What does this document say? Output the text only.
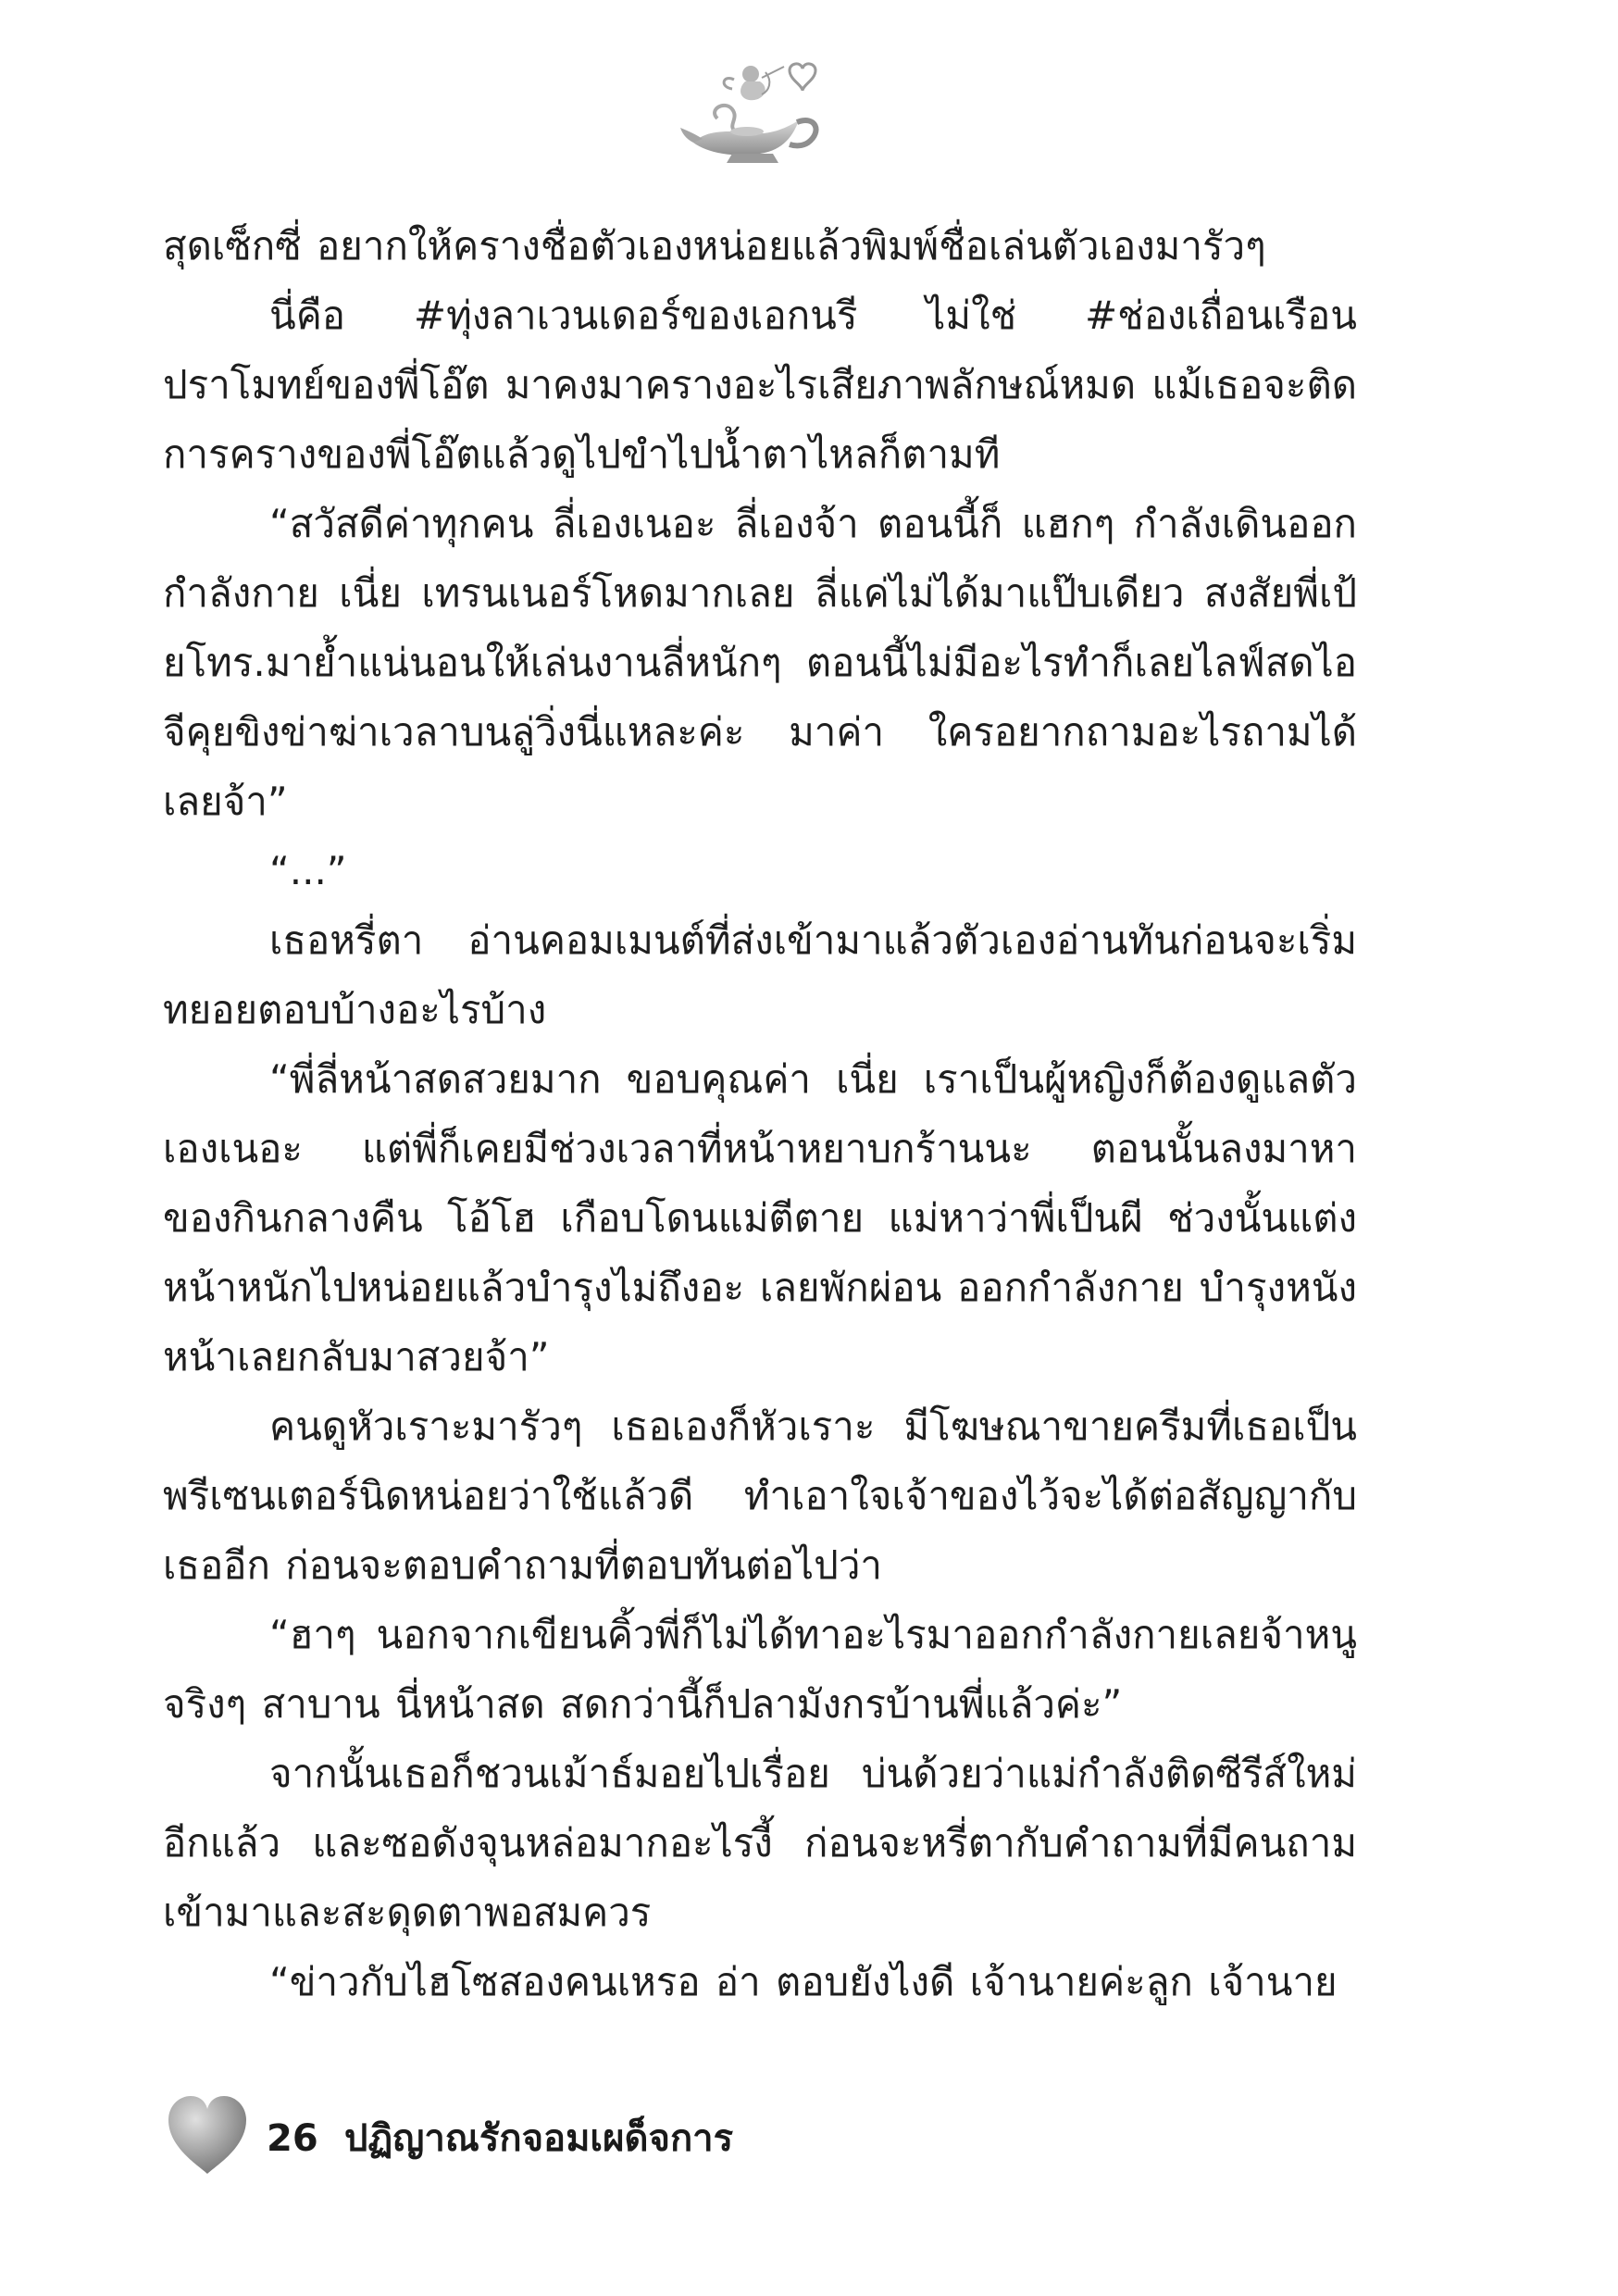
สุดเซ็กซี่ อยากให้ครางชื่อตัวเองหน่อยแล้วพิมพ์ชื่อเล่นตัวเองมารัวๆ

นี่คือ #ทุ่งลาเวนเดอร์ของเอกนรี ไม่ใช่ #ช่องเถื่อนเรือนปราโมทย์ของพี่โอ๊ต มาคงมาครางอะไรเสียภาพลักษณ์หมด แม้เธอจะติดการครางของพี่โอ๊ตแล้วดูไปขำไปน้ำตาไหลก็ตามที

“สวัสดีค่าทุกคน ลี่เองเนอะ ลี่เองจ้า ตอนนี้ก็ แฮกๆ กำลังเดินออกกำลังกาย เนี่ย เทรนเนอร์โหดมากเลย ลี่แค่ไม่ได้มาแป๊บเดียว สงสัยพี่เป้ยโทร.มาย้ำแน่นอนให้เล่นงานลี่หนักๆ ตอนนี้ไม่มีอะไรทำก็เลยไลฟ์สดไอจีคุยขิงข่าฆ่าเวลาบนลู่วิ่งนี่แหละค่ะ มาค่า ใครอยากถามอะไรถามได้เลยจ้า”

“...”

เธอหรี่ตา อ่านคอมเมนต์ที่ส่งเข้ามาแล้วตัวเองอ่านทันก่อนจะเริ่มทยอยตอบบ้างอะไรบ้าง

“พี่ลี่หน้าสดสวยมาก ขอบคุณค่า เนี่ย เราเป็นผู้หญิงก็ต้องดูแลตัวเองเนอะ แต่พี่ก็เคยมีช่วงเวลาที่หน้าหยาบกร้านนะ ตอนนั้นลงมาหาของกินกลางคืน โอ้โฮ เกือบโดนแม่ตีตาย แม่หาว่าพี่เป็นผี ช่วงนั้นแต่งหน้าหนักไปหน่อยแล้วบำรุงไม่ถึงอะ เลยพักผ่อน ออกกำลังกาย บำรุงหนังหน้าเลยกลับมาสวยจ้า”

คนดูหัวเราะมารัวๆ เธอเองก็หัวเราะ มีโฆษณาขายครีมที่เธอเป็นพรีเซนเตอร์นิดหน่อยว่าใช้แล้วดี ทำเอาใจเจ้าของไว้จะได้ต่อสัญญากับเธออีก ก่อนจะตอบคำถามที่ตอบทันต่อไปว่า

“ฮาๆ นอกจากเขียนคิ้วพี่ก็ไม่ได้ทาอะไรมาออกกำลังกายเลยจ้าหนูจริงๆ สาบาน นี่หน้าสด สดกว่านี้ก็ปลามังกรบ้านพี่แล้วค่ะ”

จากนั้นเธอก็ชวนเม้าธ์มอยไปเรื่อย บ่นด้วยว่าแม่กำลังติดซีรีส์ใหม่อีกแล้ว และซอดังจุนหล่อมากอะไรงี้ ก่อนจะหรี่ตากับคำถามที่มีคนถามเข้ามาและสะดุดตาพอสมควร

“ข่าวกับไฮโซสองคนเหรอ อ่า ตอบยังไงดี เจ้านายค่ะลูก เจ้านาย

26 ปฏิญาณรักจอมเผด็จการ
